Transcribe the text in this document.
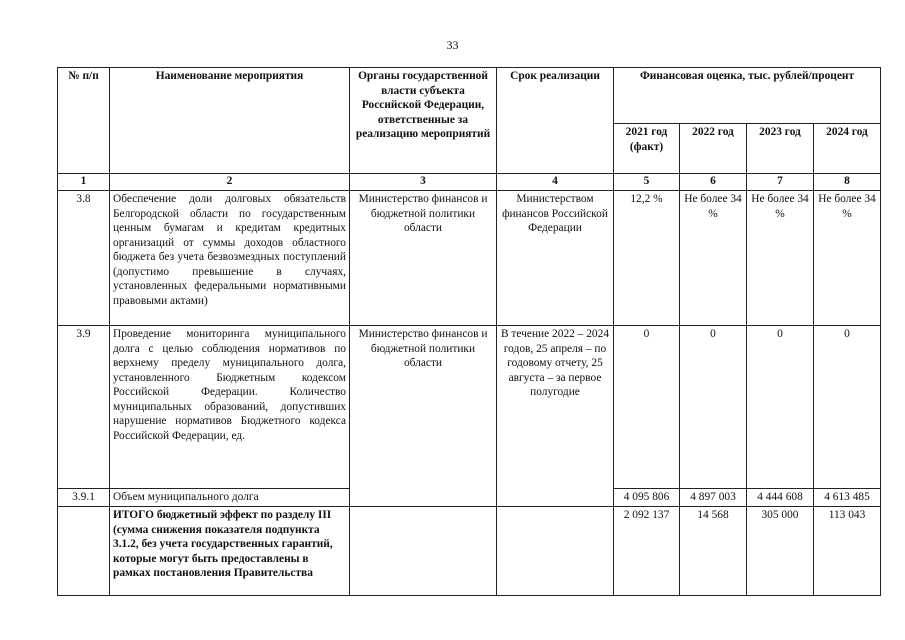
33
№ п/п	Наименование мероприятия	Органы государственной власти субъекта Российской Федерации, ответственные за реализацию мероприятий	Срок реализации	Финансовая оценка, тыс. рублей/процент			
				2021 год (факт)	2022 год	2023 год	2024 год
1	2	3	4	5	6	7	8
3.8	Обеспечение доли долговых обязательств Белгородской области по государственным ценным бумагам и кредитам кредитных организаций от суммы доходов областного бюджета без учета безвозмездных поступлений (допустимо превышение в случаях, установленных федеральными нормативными правовыми актами)	Министерство финансов и бюджетной политики области	Министерством финансов Российской Федерации	12,2 %	Не более 34 %	Не более 34 %	Не более 34 %
3.9	Проведение мониторинга муниципального долга с целью соблюдения нормативов по верхнему пределу муниципального долга, установленного Бюджетным кодексом Российской Федерации. Количество муниципальных образований, допустивших нарушение нормативов Бюджетного кодекса Российской Федерации, ед.	Министерство финансов и бюджетной политики области	В течение 2022 – 2024 годов, 25 апреля – по годовому отчету, 25 августа – за первое полугодие	0	0	0	0
3.9.1	Объем муниципального долга			4 095 806	4 897 003	4 444 608	4 613 485
	ИТОГО бюджетный эффект по разделу III (сумма снижения показателя подпункта 3.1.2, без учета государственных гарантий, которые могут быть предоставлены в рамках постановления Правительства			2 092 137	14 568	305 000	113 043
